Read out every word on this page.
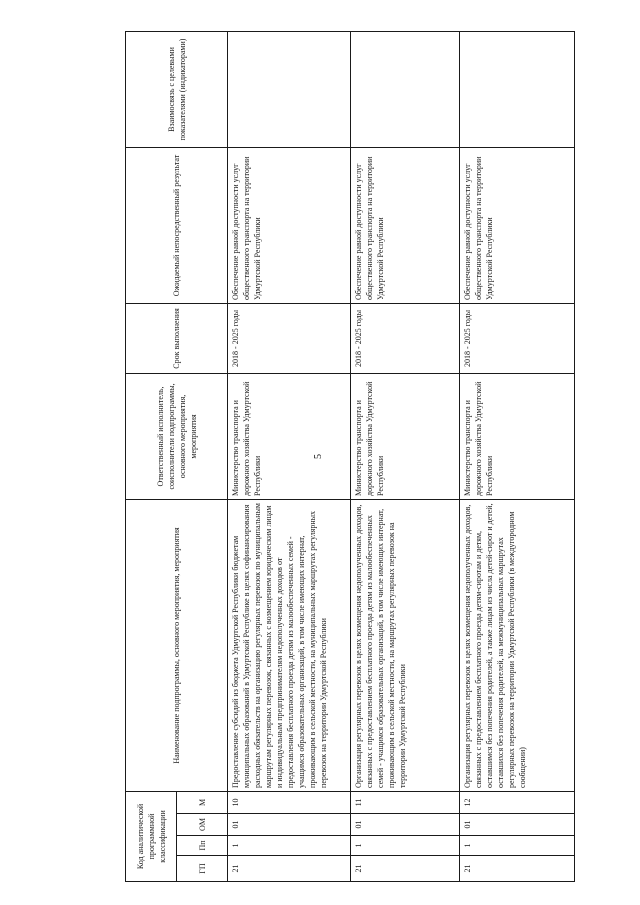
5
Код аналитической программной классификации				Наименование подпрограммы, основного мероприятия, мероприятия	Ответственный исполнитель, соисполнители подпрограммы, основного мероприятия, мероприятия	Срок выполнения	Ожидаемый непосредственный результат	Взаимосвязь с целевыми показателями (индикаторами)
ГП	Пп	ОМ	М					
21	1	01	10	Предоставление субсидий из бюджета Удмуртской Республики бюджетам муниципальных образований в Удмуртской Республике в целях софинансирования расходных обязательств на организацию регулярных перевозок по муниципальным маршрутам регулярных перевозок, связанных с возмещением юридическим лицам и индивидуальным предпринимателям недополученных доходов от предоставления бесплатного проезда детям из малообеспеченных семей - учащимся образовательных организаций, в том числе имеющих интернат, проживающим в сельской местности, на муниципальных маршрутах регулярных перевозок на территории Удмуртской Республики	Министерство транспорта и дорожного хозяйства Удмуртской Республики	2018 - 2025 годы	Обеспечение равной доступности услуг общественного транспорта на территории Удмуртской Республики	
21	1	01	11	Организация регулярных перевозок в целях возмещения недополученных доходов, связанных с предоставлением бесплатного проезда детям из малообеспеченных семей - учащимся образовательных организаций, в том числе имеющих интернат, проживающим в сельской местности, на маршрутах регулярных перевозок на территории Удмуртской Республики	Министерство транспорта и дорожного хозяйства Удмуртской Республики	2018 - 2025 годы	Обеспечение равной доступности услуг общественного транспорта на территории Удмуртской Республики	
21	1	01	12	Организация регулярных перевозок в целях возмещения недополученных доходов, связанных с предоставлением бесплатного проезда детям-сиротам и детям, оставшимся без попечения родителей, а также лицам из числа детей-сирот и детей, оставшихся без попечения родителей, на межмуниципальных маршрутах регулярных перевозок на территории Удмуртской Республики (в междугородном сообщении)	Министерство транспорта и дорожного хозяйства Удмуртской Республики	2018 - 2025 годы	Обеспечение равной доступности услуг общественного транспорта на территории Удмуртской Республики	
